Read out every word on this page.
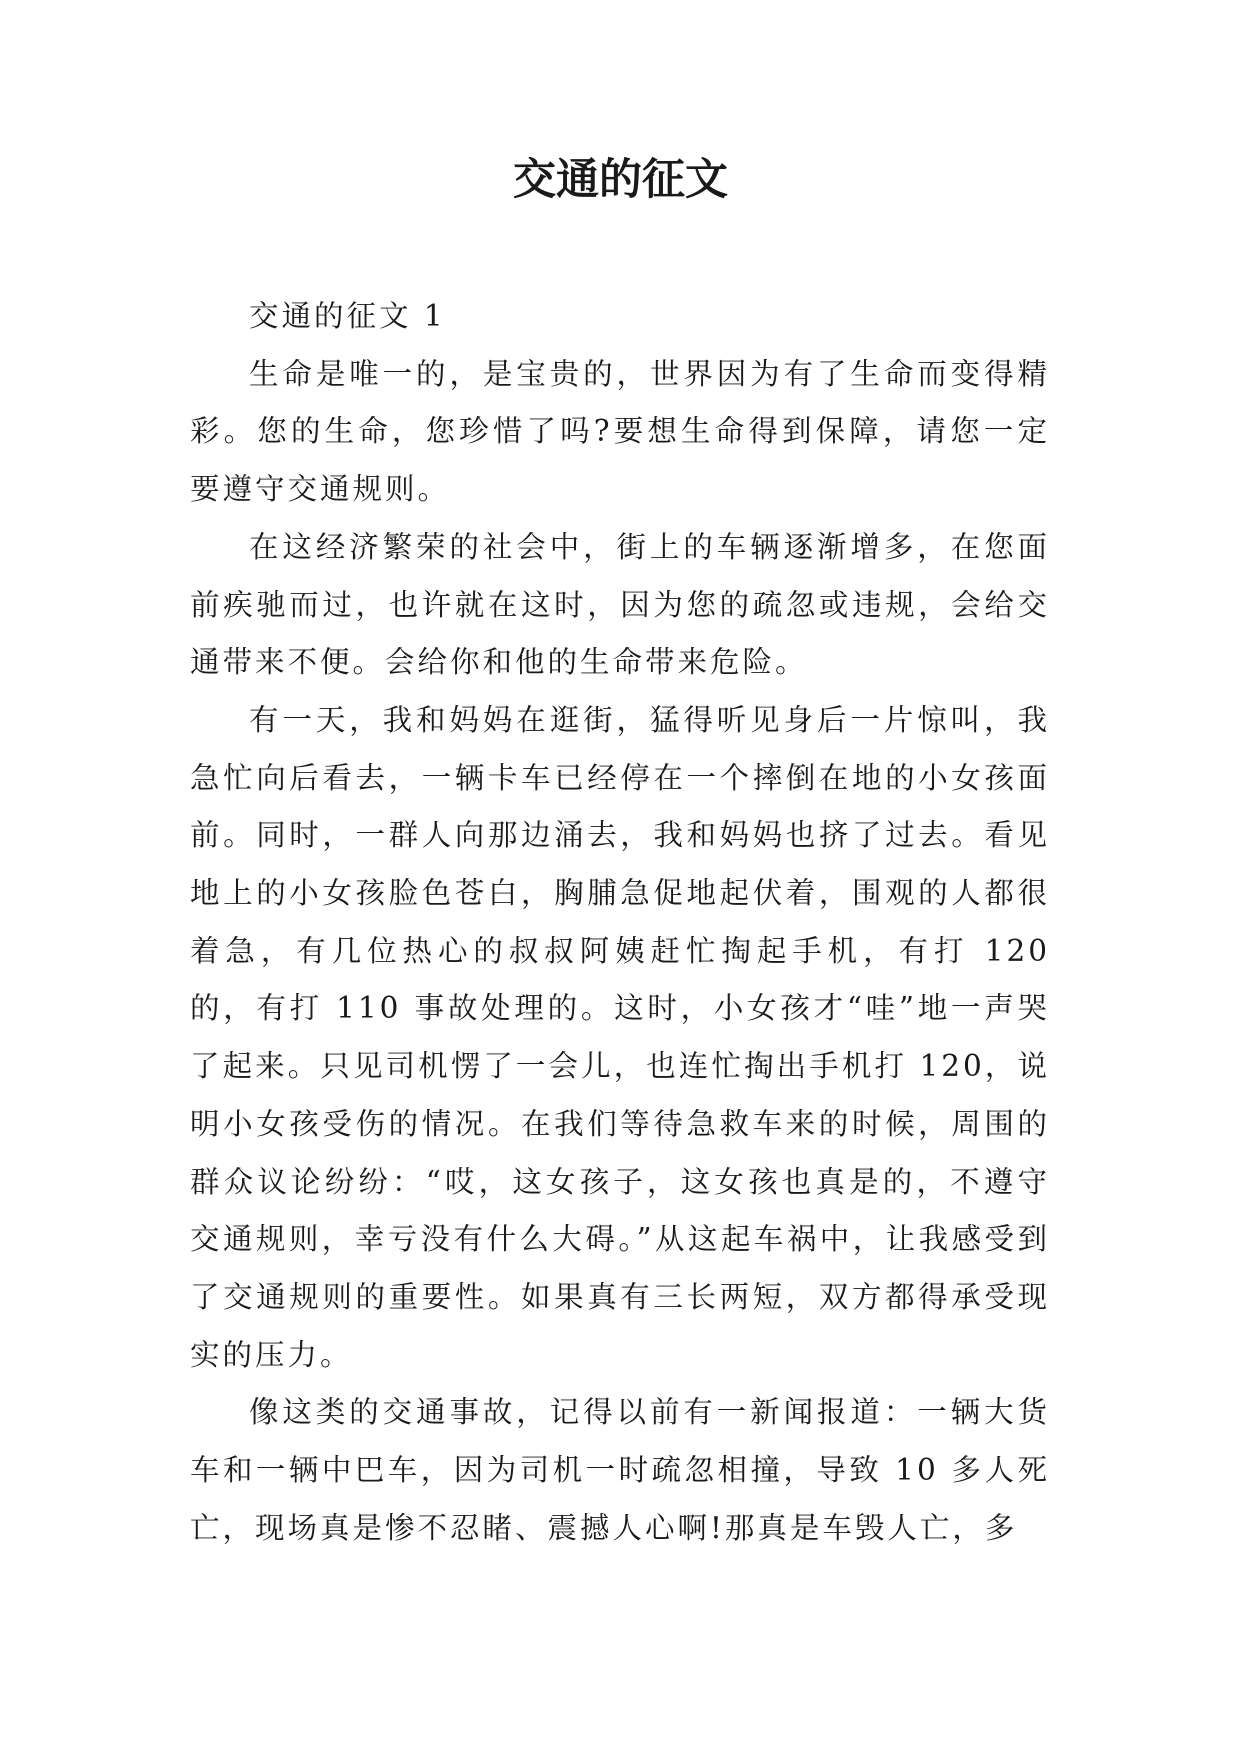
交通的征文

交通的征文 1

生命是唯一的，是宝贵的，世界因为有了生命而变得精彩。您的生命，您珍惜了吗?要想生命得到保障，请您一定要遵守交通规则。

在这经济繁荣的社会中，街上的车辆逐渐增多，在您面前疾驰而过，也许就在这时，因为您的疏忽或违规，会给交通带来不便。会给你和他的生命带来危险。

有一天，我和妈妈在逛街，猛得听见身后一片惊叫，我急忙向后看去，一辆卡车已经停在一个摔倒在地的小女孩面前。同时，一群人向那边涌去，我和妈妈也挤了过去。看见地上的小女孩脸色苍白，胸脯急促地起伏着，围观的人都很着急，有几位热心的叔叔阿姨赶忙掏起手机，有打 120 的，有打 110 事故处理的。这时，小女孩才“哇”地一声哭了起来。只见司机愣了一会儿，也连忙掏出手机打 120，说明小女孩受伤的情况。在我们等待急救车来的时候，周围的群众议论纷纷：“哎，这女孩子，这女孩也真是的，不遵守交通规则，幸亏没有什么大碍。”从这起车祸中，让我感受到了交通规则的重要性。如果真有三长两短，双方都得承受现实的压力。

像这类的交通事故，记得以前有一新闻报道：一辆大货车和一辆中巴车，因为司机一时疏忽相撞，导致 10 多人死亡，现场真是惨不忍睹、震撼人心啊!那真是车毁人亡，多
